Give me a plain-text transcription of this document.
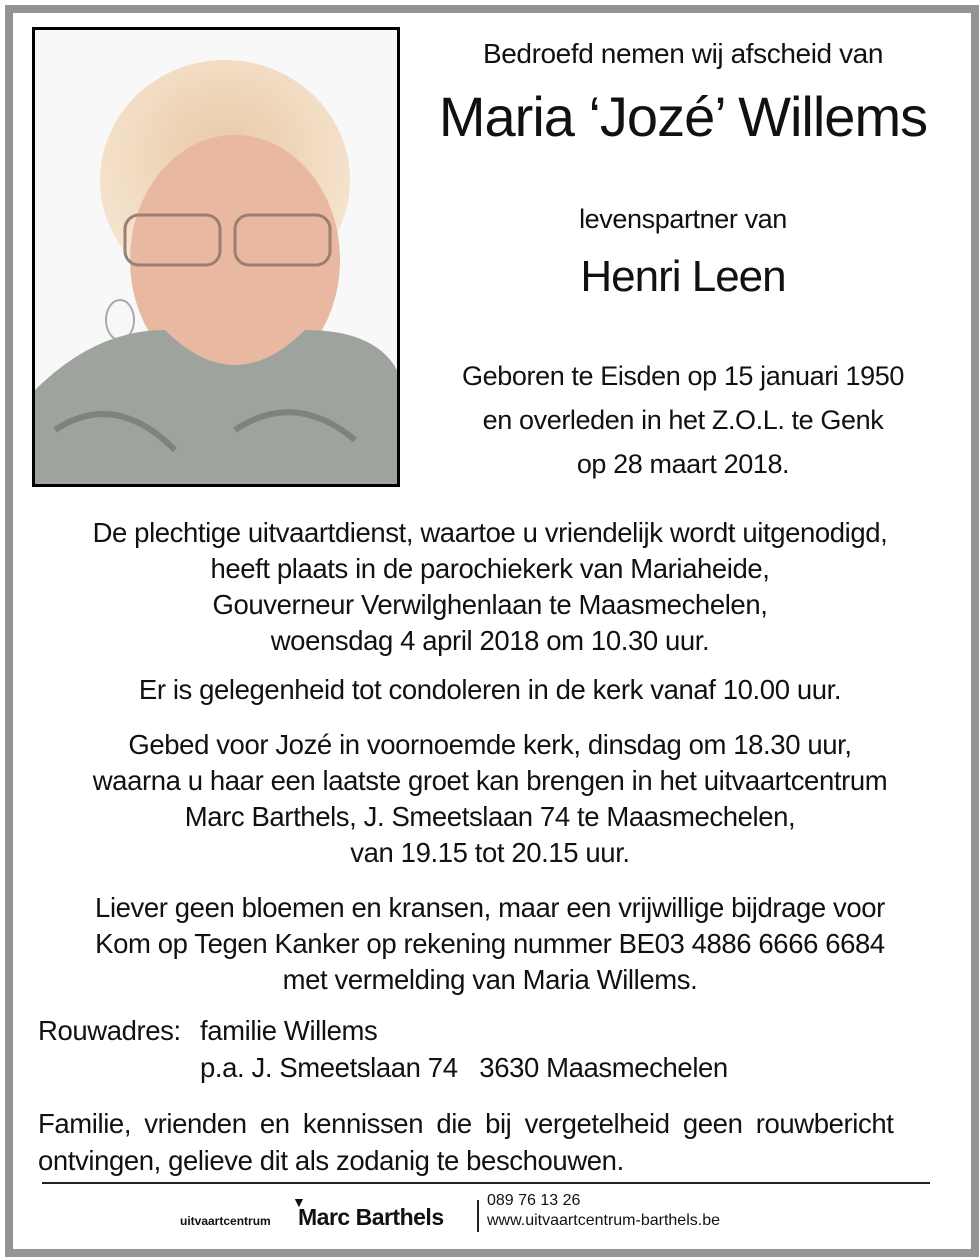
Bedroefd nemen wij afscheid van
Maria ‘Jozé’ Willems
levenspartner van
Henri Leen
Geboren te Eisden op 15 januari 1950
en overleden in het Z.O.L. te Genk
op 28 maart 2018.
De plechtige uitvaartdienst, waartoe u vriendelijk wordt uitgenodigd,
heeft plaats in de parochiekerk van Mariaheide,
Gouverneur Verwilghenlaan te Maasmechelen,
woensdag 4 april 2018 om 10.30 uur.
Er is gelegenheid tot condoleren in de kerk vanaf 10.00 uur.
Gebed voor Jozé in voornoemde kerk, dinsdag om 18.30 uur,
waarna u haar een laatste groet kan brengen in het uitvaartcentrum
Marc Barthels, J. Smeetslaan 74 te Maasmechelen,
van 19.15 tot 20.15 uur.
Liever geen bloemen en kransen, maar een vrijwillige bijdrage voor
Kom op Tegen Kanker op rekening nummer BE03 4886 6666 6684
met vermelding van Maria Willems.
Rouwadres: familie Willems
p.a. J. Smeetslaan 74   3630 Maasmechelen
Familie, vrienden en kennissen die bij vergetelheid geen rouwbericht
ontvingen, gelieve dit als zodanig te beschouwen.
uitvaartcentrum
▼
Marc Barthels
089 76 13 26
www.uitvaartcentrum-barthels.be
